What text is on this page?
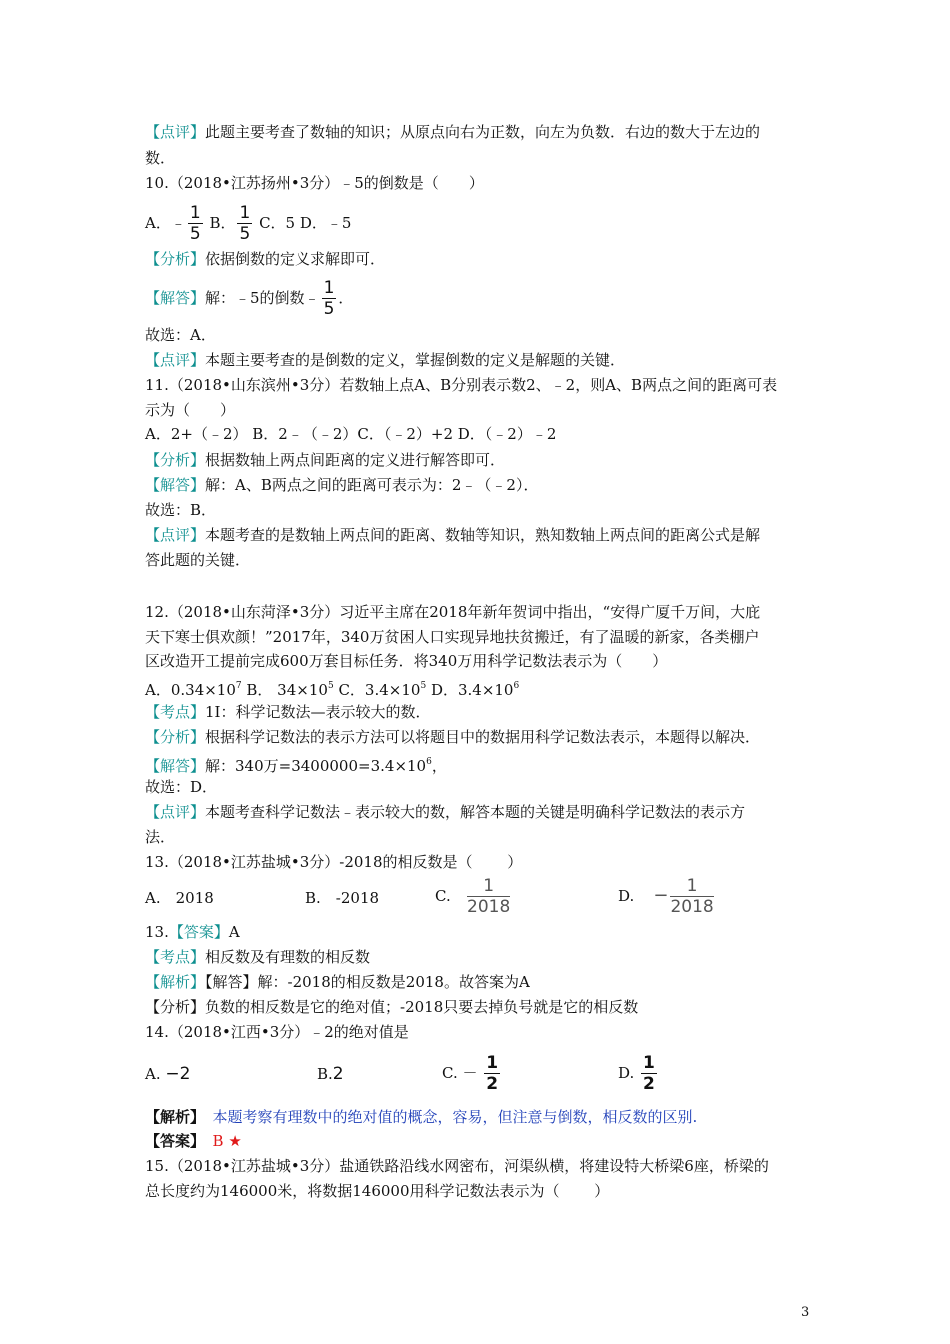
【点评】此题主要考查了数轴的知识；从原点向右为正数，向左为负数．右边的数大于左边的
数．
10.（2018•江苏扬州•3分）﹣5的倒数是（　　）
A．﹣ $\frac{1}{5}$ B． $\frac{1}{5}$ C．5 D．﹣5
【分析】依据倒数的定义求解即可．
【解答】解：﹣5的倒数﹣ $\frac{1}{5}$ ．
故选：A．
【点评】本题主要考查的是倒数的定义，掌握倒数的定义是解题的关键．
11.（2018•山东滨州•3分）若数轴上点A、B分别表示数2、﹣2，则A、B两点之间的距离可表
示为（　　）
A．2+（﹣2） B．2﹣（﹣2）C．（﹣2）+2 D．（﹣2）﹣2
【分析】根据数轴上两点间距离的定义进行解答即可．
【解答】解：A、B两点之间的距离可表示为：2﹣（﹣2）．
故选：B．
【点评】本题考查的是数轴上两点间的距离、数轴等知识，熟知数轴上两点间的距离公式是解
答此题的关键．
12.（2018•山东菏泽•3分）习近平主席在2018年新年贺词中指出，“安得广厦千万间，大庇
天下寒士俱欢颜！”2017年，340万贫困人口实现异地扶贫搬迁，有了温暖的新家，各类棚户
区改造开工提前完成600万套目标任务．将340万用科学记数法表示为（　　）
A．$0.34\times 10^7$ B． $34\times 10^5$ C．$3.4\times 10^5$ D．$3.4\times 10^6$
【考点】1I：科学记数法—表示较大的数．
【分析】根据科学记数法的表示方法可以将题目中的数据用科学记数法表示，本题得以解决．
【解答】解：340万$=3400000=3.4\times 10^6$，
故选：D．
【点评】本题考查科学记数法﹣表示较大的数，解答本题的关键是明确科学记数法的表示方
法．
13.（2018•江苏盐城•3分）-2018的相反数是（　　 ）
A.　2018	B.　-2018	C. $\frac{1}{2018}$	D. − $\frac{1}{2018}$
13.【答案】A
【考点】相反数及有理数的相反数
【解析】【解答】解：-2018的相反数是2018。故答案为A
【分析】负数的相反数是它的绝对值；-2018只要去掉负号就是它的相反数
14.（2018•江西•3分）﹣2的绝对值是
A. −2	B.2	C. － $\frac{1}{2}$	D. $\frac{1}{2}$
【解析】　本题考察有理数中的绝对值的概念，容易，但注意与倒数，相反数的区别.
【答案】　B ★
15.（2018•江苏盐城•3分）盐通铁路沿线水网密布，河渠纵横，将建设特大桥梁6座，桥梁的
总长度约为146000米，将数据146000用科学记数法表示为（　　 ）
3
